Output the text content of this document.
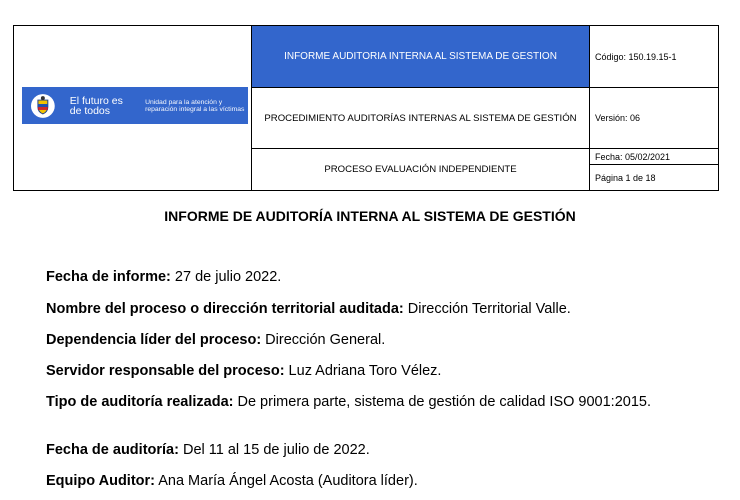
El futuro es de todos
Unidad para la atención y reparación integral a las víctimas
INFORME AUDITORIA INTERNA AL SISTEMA DE GESTION
PROCEDIMIENTO AUDITORÍAS INTERNAS AL SISTEMA DE GESTIÓN
PROCESO EVALUACIÓN INDEPENDIENTE
Código: 150.19.15-1
Versión: 06
Fecha: 05/02/2021
Página 1 de 18
INFORME DE AUDITORÍA INTERNA AL SISTEMA DE GESTIÓN
Fecha de informe: 27 de julio 2022.
Nombre del proceso o dirección territorial auditada: Dirección Territorial Valle.
Dependencia líder del proceso: Dirección General.
Servidor responsable del proceso: Luz Adriana Toro Vélez.
Tipo de auditoría realizada: De primera parte, sistema de gestión de calidad ISO 9001:2015.
Fecha de auditoría: Del 11 al 15 de julio de 2022.
Equipo Auditor: Ana María Ángel Acosta (Auditora líder).
